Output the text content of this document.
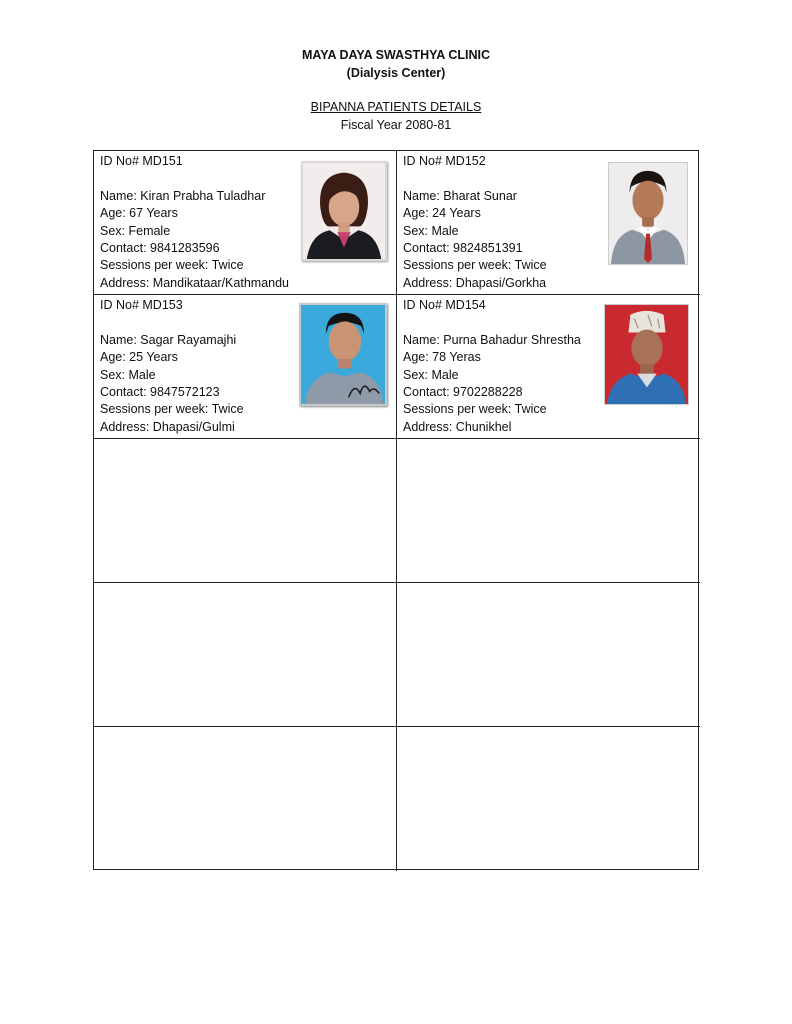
MAYA DAYA SWASTHYA CLINIC
(Dialysis Center)
BIPANNA PATIENTS DETAILS
Fiscal Year 2080-81
ID No# MD151
Name: Kiran Prabha Tuladhar
Age: 67 Years
Sex: Female
Contact: 9841283596
Sessions per week: Twice
Address: Mandikataar/Kathmandu
ID No# MD152
Name: Bharat Sunar
Age: 24 Years
Sex: Male
Contact: 9824851391
Sessions per week: Twice
Address: Dhapasi/Gorkha
ID No# MD153
Name: Sagar Rayamajhi
Age: 25 Years
Sex: Male
Contact: 9847572123
Sessions per week: Twice
Address: Dhapasi/Gulmi
ID No# MD154
Name: Purna Bahadur Shrestha
Age: 78 Yeras
Sex: Male
Contact: 9702288228
Sessions per week: Twice
Address: Chunikhel
